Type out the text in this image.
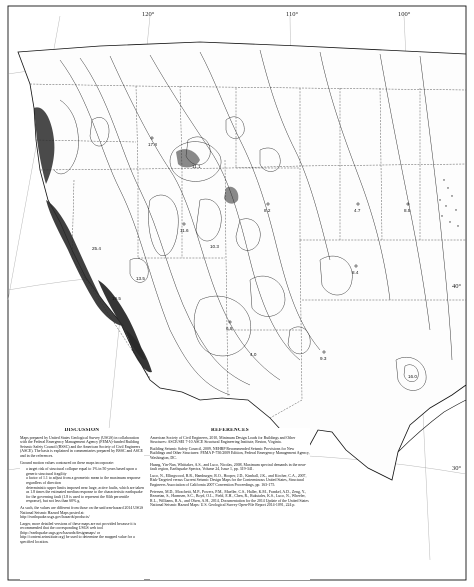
120°	110°	100°
40°
30°
17.8
11.6
10.3
8.2
11.1
4.7	8.5
8.4
6.8
4.0
9.3
16.0
19.5
25.4
13.5
DISCUSSION

Maps prepared by United States Geological Survey (USGS) in collaboration with the Federal Emergency Management Agency (FEMA)-funded Building Seismic Safety Council (BSSC) and the American Society of Civil Engineers (ASCE). The basis is explained in commentaries prepared by BSSC and ASCE and in the references.

Ground motion values contoured on these maps incorporate:

• a target risk of structural collapse equal to 1% in 50 years based upon a generic structural fragility
• a factor of 1.1 to adjust from a geometric mean to the maximum response regardless of direction
• deterministic upper limits imposed near large, active faults, which are taken as 1.8 times the estimated median response to the characteristic earthquake for the governing fault (1.8 is used to represent the 84th percentile response), but not less than 60% g.

As such, the values are different from those on the uniform-hazard 2014 USGS National Seismic Hazard Maps posted at: http://earthquake.usgs.gov/hazards/products/

Larger, more detailed versions of these maps are not provided because it is recommended that the corresponding USGS web tool (http://earthquake.usgs.gov/hazards/designmaps/ or http://content.seinstitute.org) be used to determine the mapped value for a specified location.

REFERENCES

American Society of Civil Engineers, 2010, Minimum Design Loads for Buildings and Other Structures: ASCE/SEI 7-10 ASCE Structural Engineering Institute, Reston, Virginia.

Building Seismic Safety Council, 2009, NEHRP Recommended Seismic Provisions for New Buildings and Other Structures: FEMA P-750/2009 Edition, Federal Emergency Management Agency, Washington, DC.

Huang, Yin-Nan, Whittaker, A.S., and Luco, Nicolas, 2008, Maximum spectral demands in the near-fault region, Earthquake Spectra, Volume 24, Issue 1, pp. 319-341.

Luco, N., Ellingwood, B.R., Hamburger, R.O., Hooper, J.D., Kimball, J.K., and Kircher, C.A., 2007, Risk-Targeted versus Current Seismic Design Maps for the Conterminous United States, Structural Engineers Association of California 2007 Convention Proceedings, pp. 163-175.

Petersen, M.D., Moschetti, M.P., Powers, P.M., Mueller, C.S., Haller, K.M., Frankel, A.D., Zeng, Y., Rezaeian, S., Harmsen, S.C., Boyd, O.L., Field, E.H., Chen, R., Rukstales, K.S., Luco, N., Wheeler, R.L., Williams, R.A., and Olsen, A.H., 2014, Documentation for the 2014 Update of the United States National Seismic Hazard Maps: U.S. Geological Survey Open-File Report 2014-1091, 224 p.
